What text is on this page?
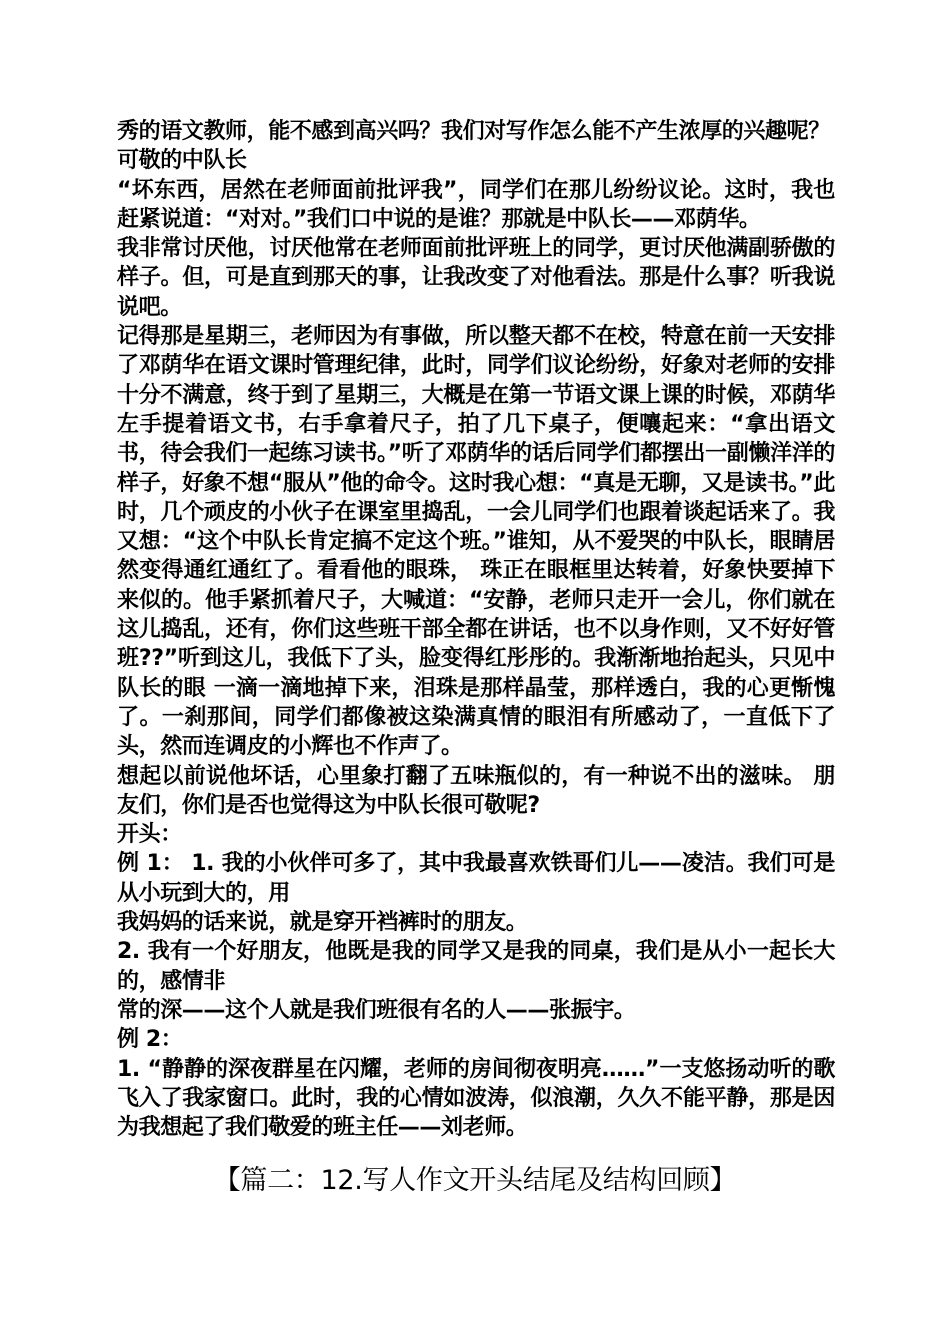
秀的语文教师，能不感到高兴吗？我们对写作怎么能不产生浓厚的兴趣呢？

可敬的中队长

“坏东西，居然在老师面前批评我”，同学们在那儿纷纷议论。这时，我也赶紧说道：“对对。”我们口中说的是谁？那就是中队长——邓荫华。

我非常讨厌他，讨厌他常在老师面前批评班上的同学，更讨厌他满副骄傲的样子。但，可是直到那天的事，让我改变了对他看法。那是什么事？听我说说吧。

记得那是星期三，老师因为有事做，所以整天都不在校，特意在前一天安排了邓荫华在语文课时管理纪律，此时，同学们议论纷纷，好象对老师的安排十分不满意，终于到了星期三，大概是在第一节语文课上课的时候，邓荫华左手提着语文书，右手拿着尺子，拍了几下桌子，便嚷起来：“拿出语文书，待会我们一起练习读书。”听了邓荫华的话后同学们都摆出一副懒洋洋的样子，好象不想“服从”他的命令。这时我心想：“真是无聊，又是读书。”此时，几个顽皮的小伙子在课室里捣乱，一会儿同学们也跟着谈起话来了。我又想：“这个中队长肯定搞不定这个班。”谁知，从不爱哭的中队长，眼睛居然变得通红通红了。看看他的眼珠， 珠正在眼框里达转着，好象快要掉下来似的。他手紧抓着尺子，大喊道：“安静，老师只走开一会儿，你们就在这儿捣乱，还有，你们这些班干部全都在讲话，也不以身作则，又不好好管班??”听到这儿，我低下了头，脸变得红彤彤的。我渐渐地抬起头，只见中队长的眼 一滴一滴地掉下来，泪珠是那样晶莹，那样透白，我的心更惭愧了。一刹那间，同学们都像被这染满真情的眼泪有所感动了，一直低下了头，然而连调皮的小辉也不作声了。

想起以前说他坏话，心里象打翻了五味瓶似的，有一种说不出的滋味。 朋友们，你们是否也觉得这为中队长很可敬呢?

开头：

例 1： 1. 我的小伙伴可多了，其中我最喜欢铁哥们儿——凌洁。我们可是从小玩到大的，用

我妈妈的话来说，就是穿开裆裤时的朋友。

2. 我有一个好朋友，他既是我的同学又是我的同桌，我们是从小一起长大的，感情非

常的深——这个人就是我们班很有名的人——张振宇。

例 2：

1. “静静的深夜群星在闪耀，老师的房间彻夜明亮……”一支悠扬动听的歌飞入了我家窗口。此时，我的心情如波涛，似浪潮，久久不能平静，那是因为我想起了我们敬爱的班主任——刘老师。

【篇二：12.写人作文开头结尾及结构回顾】
